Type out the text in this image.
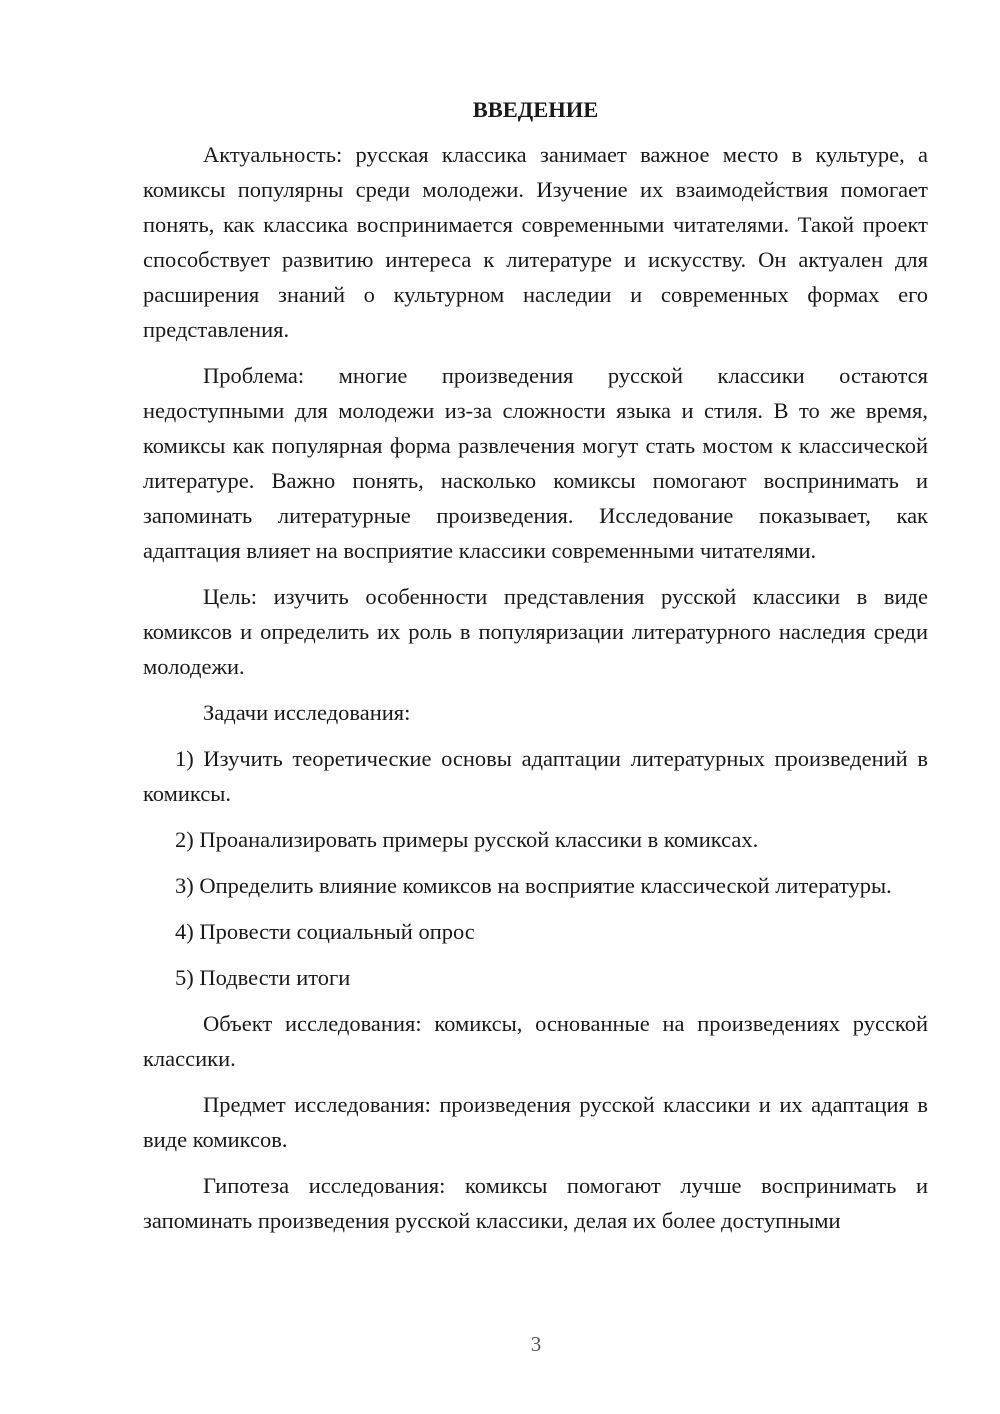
ВВЕДЕНИЕ

Актуальность: русская классика занимает важное место в культуре, а комиксы популярны среди молодежи. Изучение их взаимодействия помогает понять, как классика воспринимается современными читателями. Такой проект способствует развитию интереса к литературе и искусству. Он актуален для расширения знаний о культурном наследии и современных формах его представления.

Проблема: многие произведения русской классики остаются недоступными для молодежи из-за сложности языка и стиля. В то же время, комиксы как популярная форма развлечения могут стать мостом к классической литературе. Важно понять, насколько комиксы помогают воспринимать и запоминать литературные произведения. Исследование показывает, как адаптация влияет на восприятие классики современными читателями.

Цель: изучить особенности представления русской классики в виде комиксов и определить их роль в популяризации литературного наследия среди молодежи.

Задачи исследования:

1) Изучить теоретические основы адаптации литературных произведений в комиксы.

2) Проанализировать примеры русской классики в комиксах.

3) Определить влияние комиксов на восприятие классической литературы.

4) Провести социальный опрос

5) Подвести итоги

Объект исследования: комиксы, основанные на произведениях русской классики.

Предмет исследования: произведения русской классики и их адаптация в виде комиксов.

Гипотеза исследования: комиксы помогают лучше воспринимать и запоминать произведения русской классики, делая их более доступными

3
